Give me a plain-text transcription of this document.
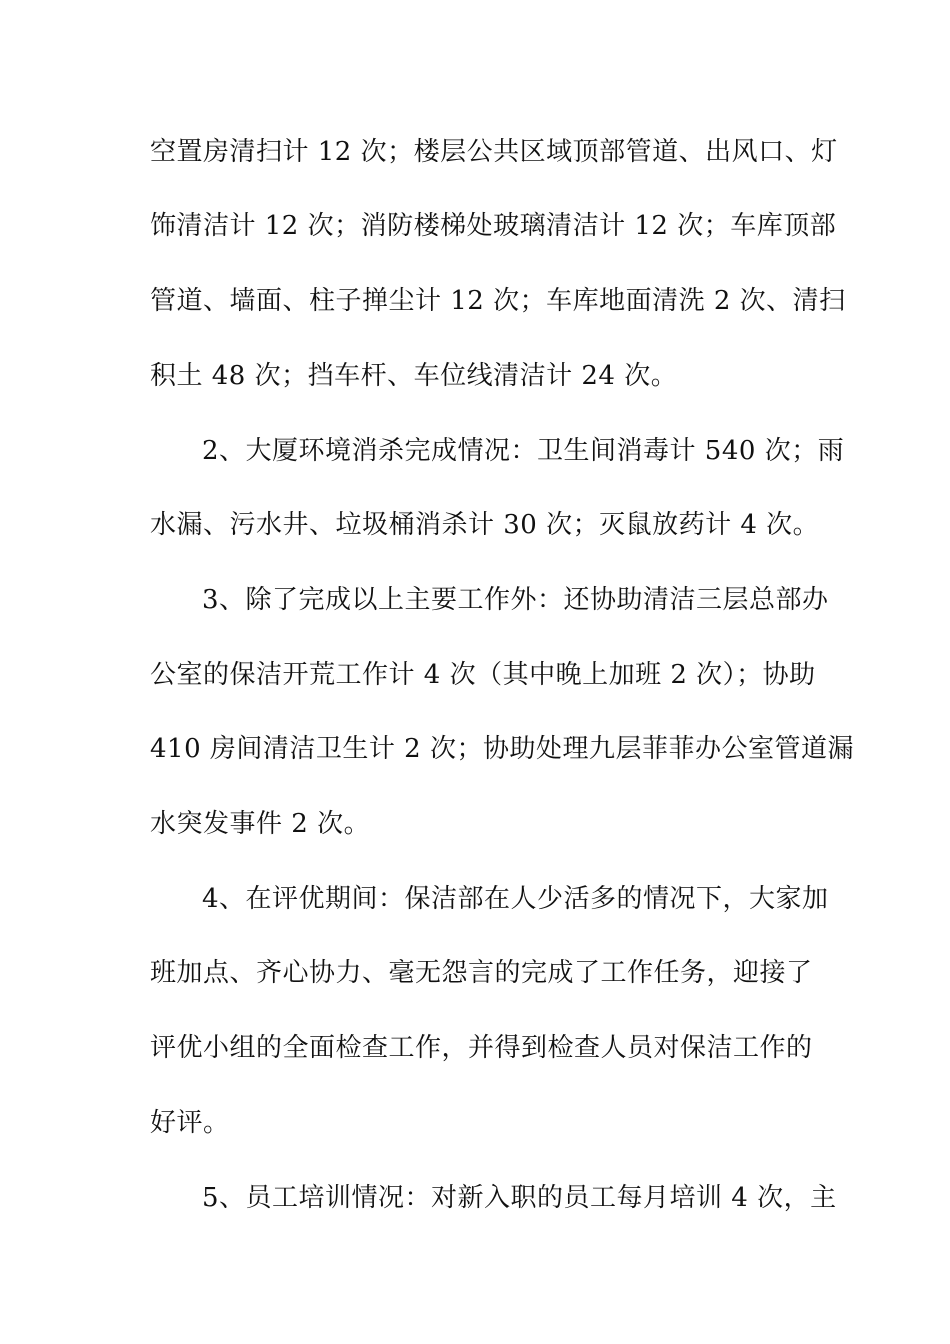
空置房清扫计 12 次；楼层公共区域顶部管道、出风口、灯
饰清洁计 12 次；消防楼梯处玻璃清洁计 12 次；车库顶部
管道、墙面、柱子掸尘计 12 次；车库地面清洗 2 次、清扫
积土 48 次；挡车杆、车位线清洁计 24 次。
2、大厦环境消杀完成情况：卫生间消毒计 540 次；雨
水漏、污水井、垃圾桶消杀计 30 次；灭鼠放药计 4 次。
3、除了完成以上主要工作外：还协助清洁三层总部办
公室的保洁开荒工作计 4 次（其中晚上加班 2 次）；协助
410 房间清洁卫生计 2 次；协助处理九层菲菲办公室管道漏
水突发事件 2 次。
4、在评优期间：保洁部在人少活多的情况下，大家加
班加点、齐心协力、毫无怨言的完成了工作任务，迎接了
评优小组的全面检查工作，并得到检查人员对保洁工作的
好评。
5、员工培训情况：对新入职的员工每月培训 4 次，主
